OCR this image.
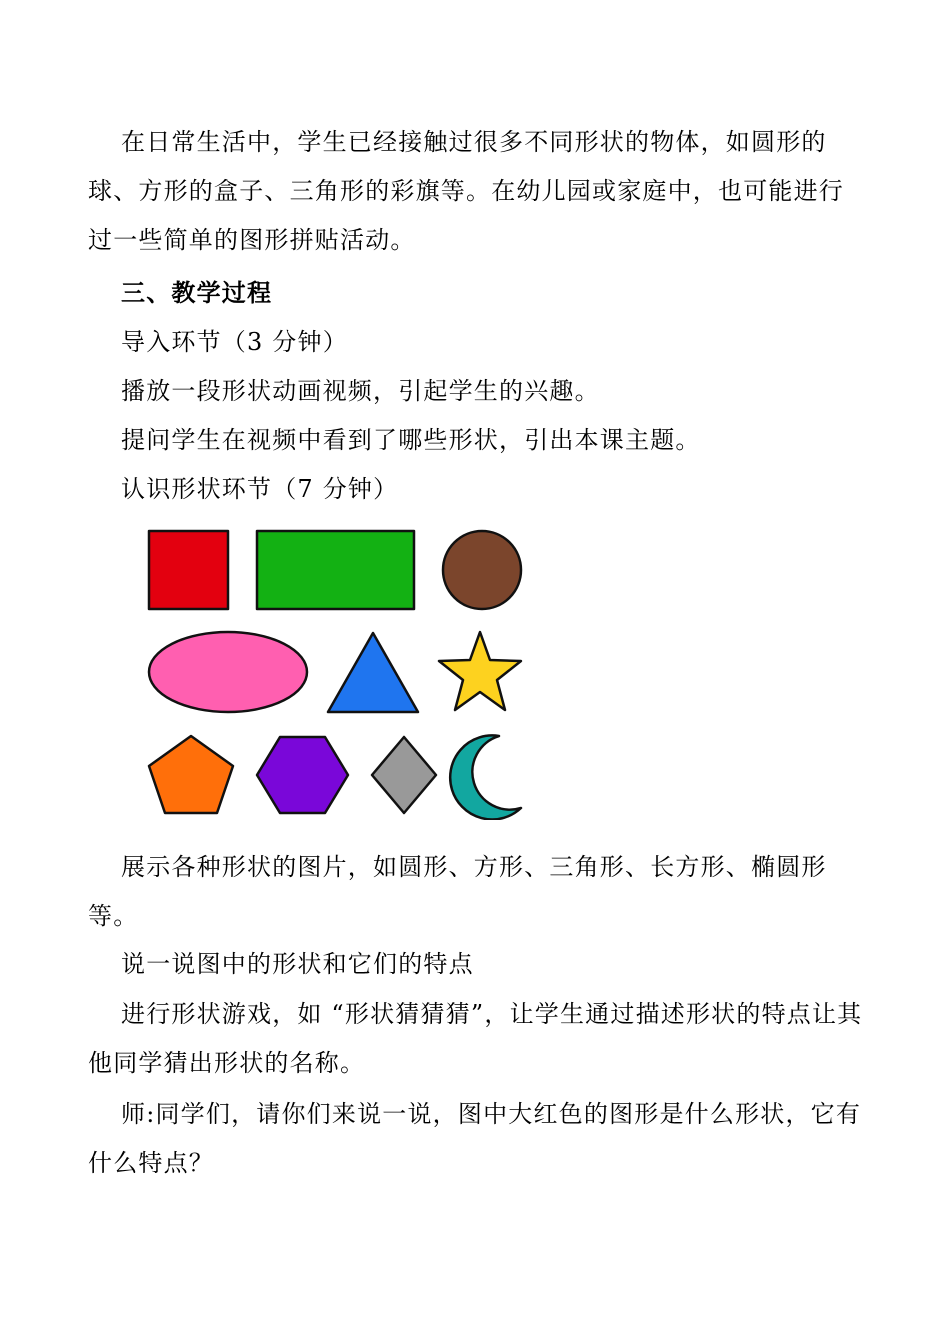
在日常生活中，学生已经接触过很多不同形状的物体，如圆形的球、方形的盒子、三角形的彩旗等。在幼儿园或家庭中，也可能进行过一些简单的图形拼贴活动。

三、教学过程

导入环节（3 分钟）

播放一段形状动画视频，引起学生的兴趣。

提问学生在视频中看到了哪些形状，引出本课主题。

认识形状环节（7 分钟）

展示各种形状的图片，如圆形、方形、三角形、长方形、椭圆形等。

说一说图中的形状和它们的特点

进行形状游戏，如 “形状猜猜猜”，让学生通过描述形状的特点让其他同学猜出形状的名称。

师:同学们，请你们来说一说，图中大红色的图形是什么形状，它有什么特点？
